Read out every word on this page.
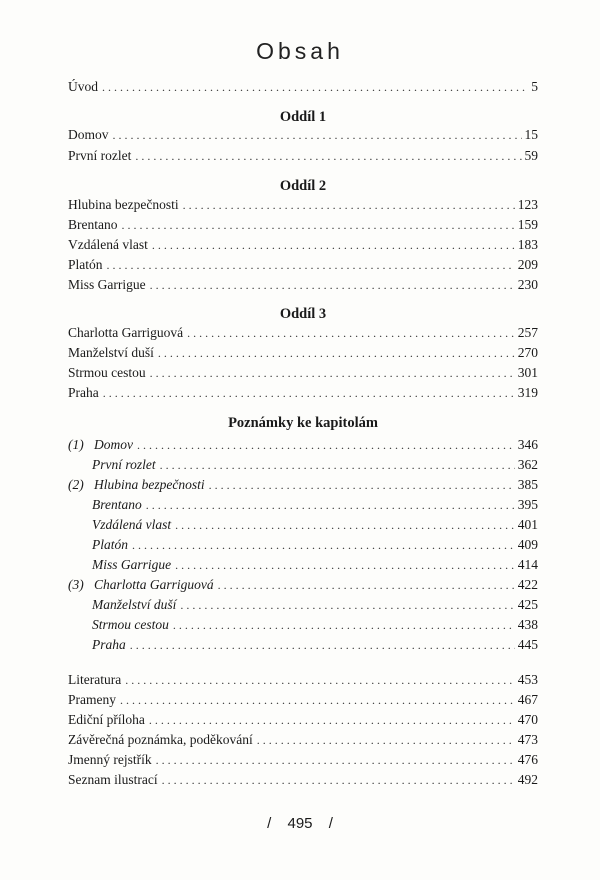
Obsah
Úvod . . .	5
Oddíl 1
Domov . . .	15
První rozlet . . .	59
Oddíl 2
Hlubina bezpečnosti . . .	123
Brentano . . .	159
Vzdálená vlast . . .	183
Platón . . .	209
Miss Garrigue . . .	230
Oddíl 3
Charlotta Garriguová . . .	257
Manželství duší . . .	270
Strmou cestou . . .	301
Praha . . .	319
Poznámky ke kapitolám
(1) Domov . . .	346
První rozlet . . .	362
(2) Hlubina bezpečnosti . . .	385
Brentano . . .	395
Vzdálená vlast . . .	401
Platón . . .	409
Miss Garrigue . . .	414
(3) Charlotta Garriguová . . .	422
Manželství duší . . .	425
Strmou cestou . . .	438
Praha . . .	445
Literatura . . .	453
Prameny . . .	467
Ediční příloha . . .	470
Závěrečná poznámka, poděkování . . .	473
Jmenný rejstřík . . .	476
Seznam ilustrací . . .	492
/ 495 /
